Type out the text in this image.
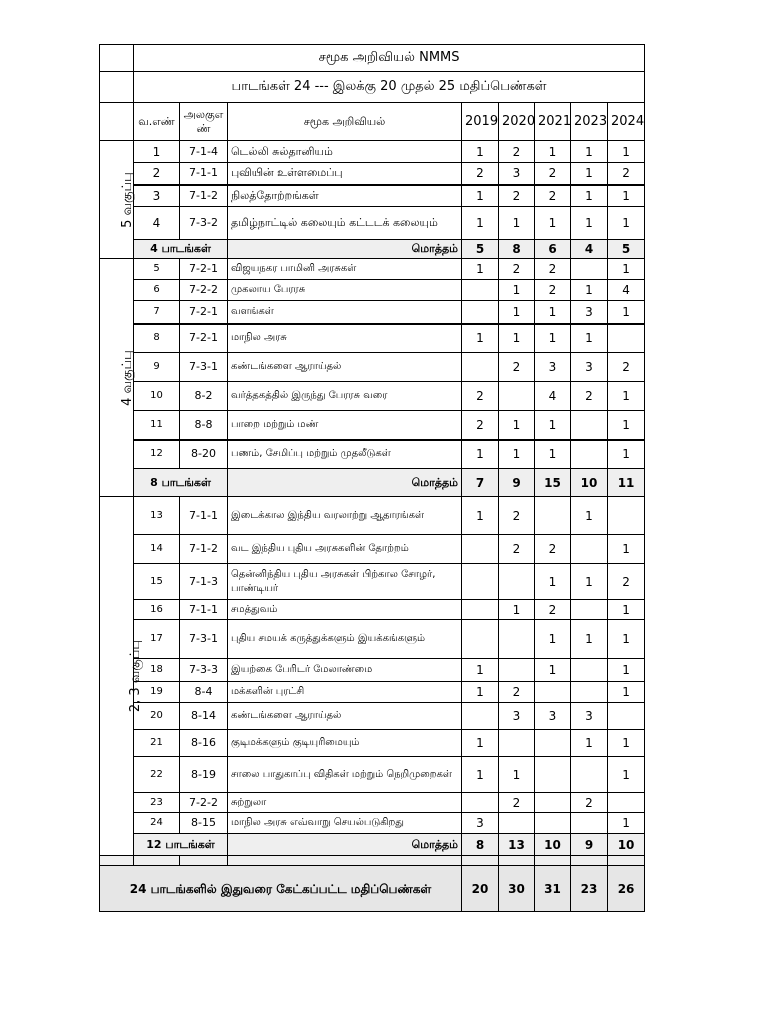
	சமூக அறிவியல் NMMS							
	பாடங்கள் 24 --- இலக்கு 20 முதல் 25 மதிப்பெண்கள்							
	வ.எண்	அலகுஎண்	சமூக அறிவியல்	2019	2020	2021	2023	2024
5 வகுப்பு	1	7-1-4	டெல்லி சுல்தானியம்	1	2	1	1	1
	2	7-1-1	புவியின் உள்ளமைப்பு	2	3	2	1	2
	3	7-1-2	நிலத்தோற்றங்கள்	1	2	2	1	1
	4	7-3-2	தமிழ்நாட்டில் கலையும் கட்டடக் கலையும்	1	1	1	1	1
	4 பாடங்கள்		மொத்தம்	5	8	6	4	5
4 வகுப்பு	5	7-2-1	விஜயநகர பாமினி அரசுகள்	1	2	2		1
	6	7-2-2	முகலாய பேரரசு		1	2	1	4
	7	7-2-1	வளங்கள்		1	1	3	1
	8	7-2-1	மாநில அரசு	1	1	1	1	
	9	7-3-1	கண்டங்களை ஆராய்தல்		2	3	3	2
	10	8-2	வர்த்தகத்தில் இருந்து பேரரசு வரை	2		4	2	1
	11	8-8	பாறை மற்றும் மண்	2	1	1		1
	12	8-20	பணம், சேமிப்பு மற்றும் முதலீடுகள்	1	1	1		1
	8 பாடங்கள்		மொத்தம்	7	9	15	10	11
2, 3 வகுப்பு	13	7-1-1	இடைக்கால இந்திய வரலாற்று ஆதாரங்கள்	1	2		1	
	14	7-1-2	வட இந்திய புதிய அரசுகளின் தோற்றம்		2	2		1
	15	7-1-3	தென்னிந்திய புதிய அரசுகள் பிற்கால சோழர், பாண்டியர்			1	1	2
	16	7-1-1	சமத்துவம்		1	2		1
	17	7-3-1	புதிய சமயக் கருத்துக்களும் இயக்கங்களும்			1	1	1
	18	7-3-3	இயற்கை பேரிடர் மேலாண்மை	1		1		1
	19	8-4	மக்களின் புரட்சி	1	2			1
	20	8-14	கண்டங்களை ஆராய்தல்		3	3	3	
	21	8-16	குடிமக்களும் குடியுரிமையும்	1			1	1
	22	8-19	சாலை பாதுகாப்பு விதிகள் மற்றும் நெறிமுறைகள்	1	1			1
	23	7-2-2	சுற்றுலா		2		2	
	24	8-15	மாநில அரசு எவ்வாறு செயல்படுகிறது	3				1
	12 பாடங்கள்		மொத்தம்	8	13	10	9	10

24 பாடங்களில் இதுவரை கேட்கப்பட்ட மதிப்பெண்கள்				20	30	31	23	26
